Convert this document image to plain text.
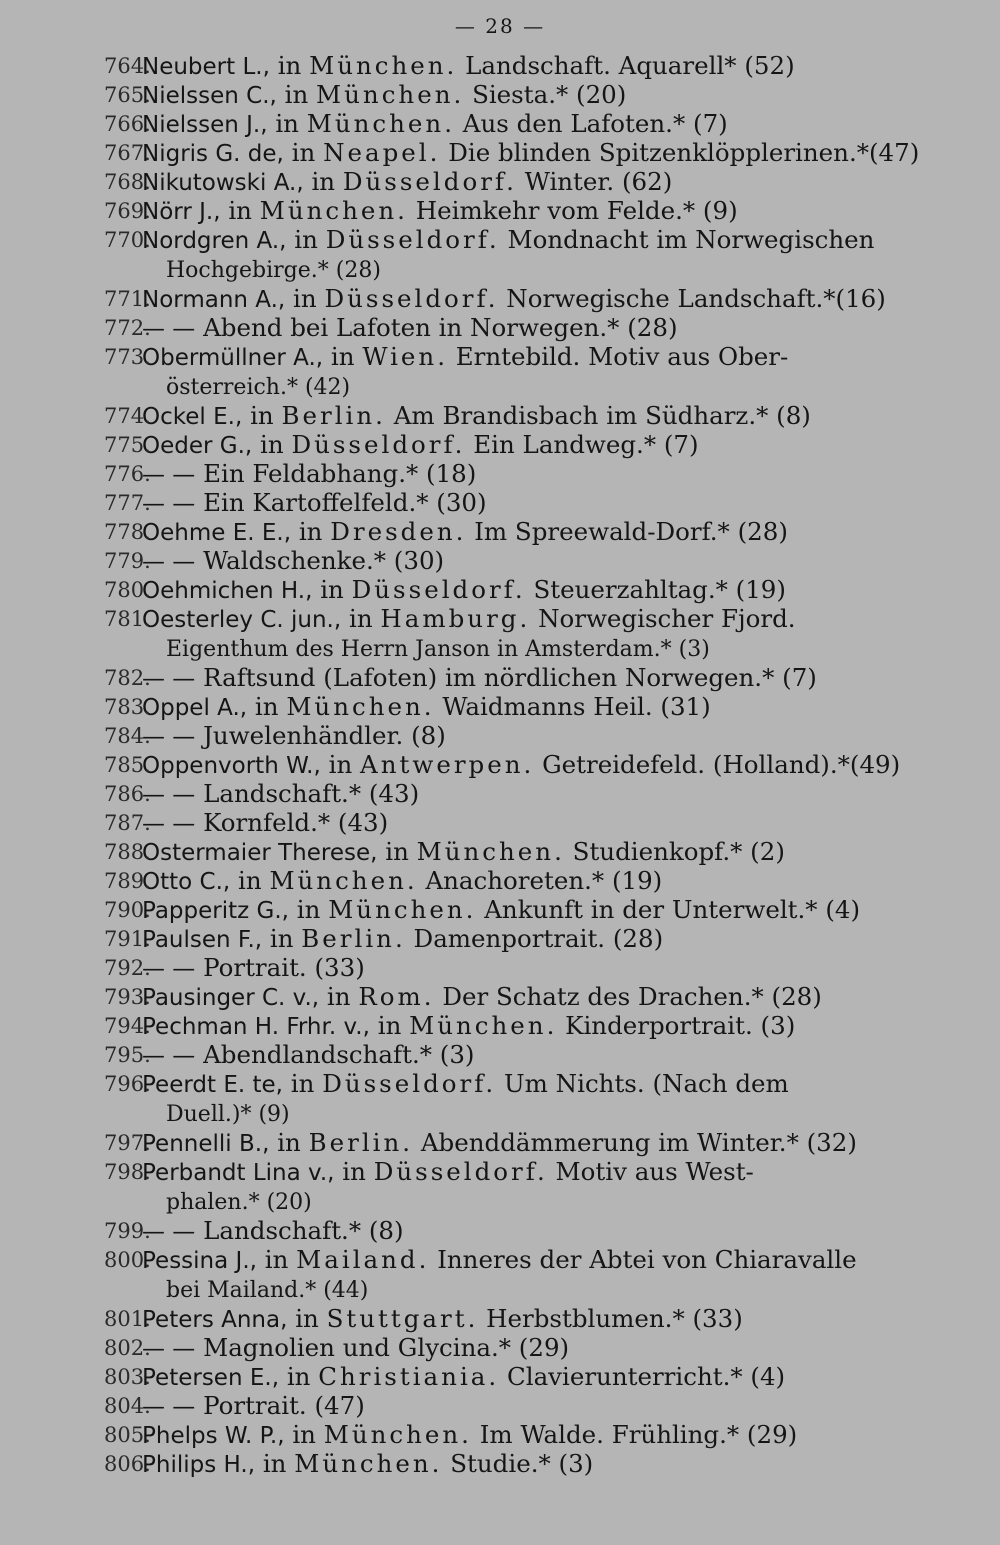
— 28 —
764.
Neubert L., in München. Landschaft. Aquarell* (52)
765.
Nielssen C., in München. Siesta.* (20)
766.
Nielssen J., in München. Aus den Lafoten.* (7)
767.
Nigris G. de, in Neapel. Die blinden Spitzenklöpplerinen.*(47)
768.
Nikutowski A., in Düsseldorf. Winter. (62)
769.
Nörr J., in München. Heimkehr vom Felde.* (9)
770.
Nordgren A., in Düsseldorf. Mondnacht im Norwegischen
Hochgebirge.* (28)
771.
Normann A., in Düsseldorf. Norwegische Landschaft.*(16)
772.
— — Abend bei Lafoten in Norwegen.* (28)
773.
Obermüllner A., in Wien. Erntebild. Motiv aus Ober-
österreich.* (42)
774.
Ockel E., in Berlin. Am Brandisbach im Südharz.* (8)
775.
Oeder G., in Düsseldorf. Ein Landweg.* (7)
776.
— — Ein Feldabhang.* (18)
777.
— — Ein Kartoffelfeld.* (30)
778.
Oehme E. E., in Dresden. Im Spreewald-Dorf.* (28)
779.
— — Waldschenke.* (30)
780.
Oehmichen H., in Düsseldorf. Steuerzahltag.* (19)
781.
Oesterley C. jun., in Hamburg. Norwegischer Fjord.
Eigenthum des Herrn Janson in Amsterdam.* (3)
782.
— — Raftsund (Lafoten) im nördlichen Norwegen.* (7)
783.
Oppel A., in München. Waidmanns Heil. (31)
784.
— — Juwelenhändler. (8)
785.
Oppenvorth W., in Antwerpen. Getreidefeld. (Holland).*(49)
786.
— — Landschaft.* (43)
787.
— — Kornfeld.* (43)
788.
Ostermaier Therese, in München. Studienkopf.* (2)
789.
Otto C., in München. Anachoreten.* (19)
790.
Papperitz G., in München. Ankunft in der Unterwelt.* (4)
791.
Paulsen F., in Berlin. Damenportrait. (28)
792.
— — Portrait. (33)
793.
Pausinger C. v., in Rom. Der Schatz des Drachen.* (28)
794.
Pechman H. Frhr. v., in München. Kinderportrait. (3)
795.
— — Abendlandschaft.* (3)
796.
Peerdt E. te, in Düsseldorf. Um Nichts. (Nach dem
Duell.)* (9)
797.
Pennelli B., in Berlin. Abenddämmerung im Winter.* (32)
798.
Perbandt Lina v., in Düsseldorf. Motiv aus West-
phalen.* (20)
799.
— — Landschaft.* (8)
800.
Pessina J., in Mailand. Inneres der Abtei von Chiaravalle
bei Mailand.* (44)
801.
Peters Anna, in Stuttgart. Herbstblumen.* (33)
802.
— — Magnolien und Glycina.* (29)
803.
Petersen E., in Christiania. Clavierunterricht.* (4)
804.
— — Portrait. (47)
805.
Phelps W. P., in München. Im Walde. Frühling.* (29)
806.
Philips H., in München. Studie.* (3)
